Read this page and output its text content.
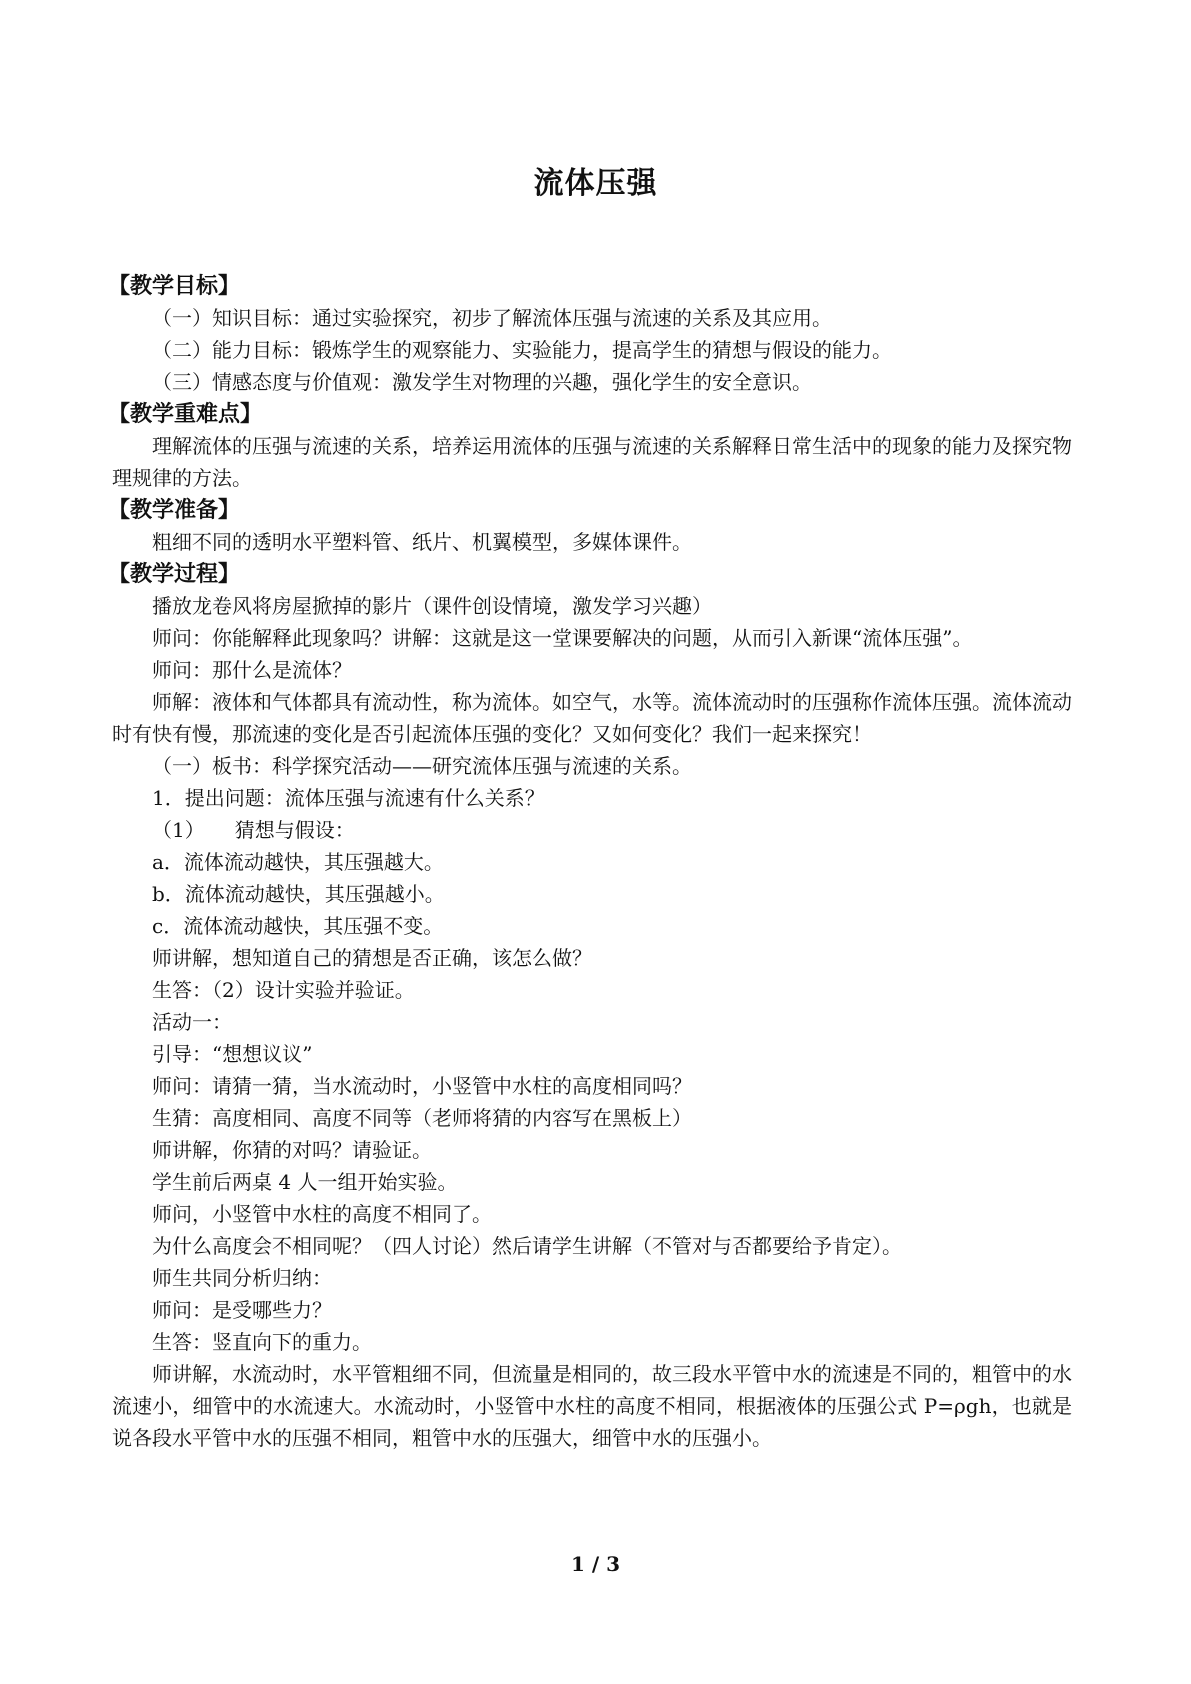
流体压强
【教学目标】
（一）知识目标：通过实验探究，初步了解流体压强与流速的关系及其应用。
（二）能力目标：锻炼学生的观察能力、实验能力，提高学生的猜想与假设的能力。
（三）情感态度与价值观：激发学生对物理的兴趣，强化学生的安全意识。
【教学重难点】
理解流体的压强与流速的关系，培养运用流体的压强与流速的关系解释日常生活中的现象的能力及探究物理规律的方法。
【教学准备】
粗细不同的透明水平塑料管、纸片、机翼模型，多媒体课件。
【教学过程】
播放龙卷风将房屋掀掉的影片（课件创设情境，激发学习兴趣）
师问：你能解释此现象吗？讲解：这就是这一堂课要解决的问题，从而引入新课“流体压强”。
师问：那什么是流体？
师解：液体和气体都具有流动性，称为流体。如空气，水等。流体流动时的压强称作流体压强。流体流动时有快有慢，那流速的变化是否引起流体压强的变化？又如何变化？我们一起来探究！
（一）板书：科学探究活动——研究流体压强与流速的关系。
1．提出问题：流体压强与流速有什么关系？
（1）　　猜想与假设：
a．流体流动越快，其压强越大。
b．流体流动越快，其压强越小。
c．流体流动越快，其压强不变。
师讲解，想知道自己的猜想是否正确，该怎么做？
生答：（2）设计实验并验证。
活动一：
引导：“想想议议”
师问：请猜一猜，当水流动时，小竖管中水柱的高度相同吗？
生猜：高度相同、高度不同等（老师将猜的内容写在黑板上）
师讲解，你猜的对吗？请验证。
学生前后两桌 4 人一组开始实验。
师问，小竖管中水柱的高度不相同了。
为什么高度会不相同呢？（四人讨论）然后请学生讲解（不管对与否都要给予肯定）。
师生共同分析归纳：
师问：是受哪些力？
生答：竖直向下的重力。
师讲解，水流动时，水平管粗细不同，但流量是相同的，故三段水平管中水的流速是不同的，粗管中的水流速小，细管中的水流速大。水流动时，小竖管中水柱的高度不相同，根据液体的压强公式 P=ρgh，也就是说各段水平管中水的压强不相同，粗管中水的压强大，细管中水的压强小。
1 / 3
